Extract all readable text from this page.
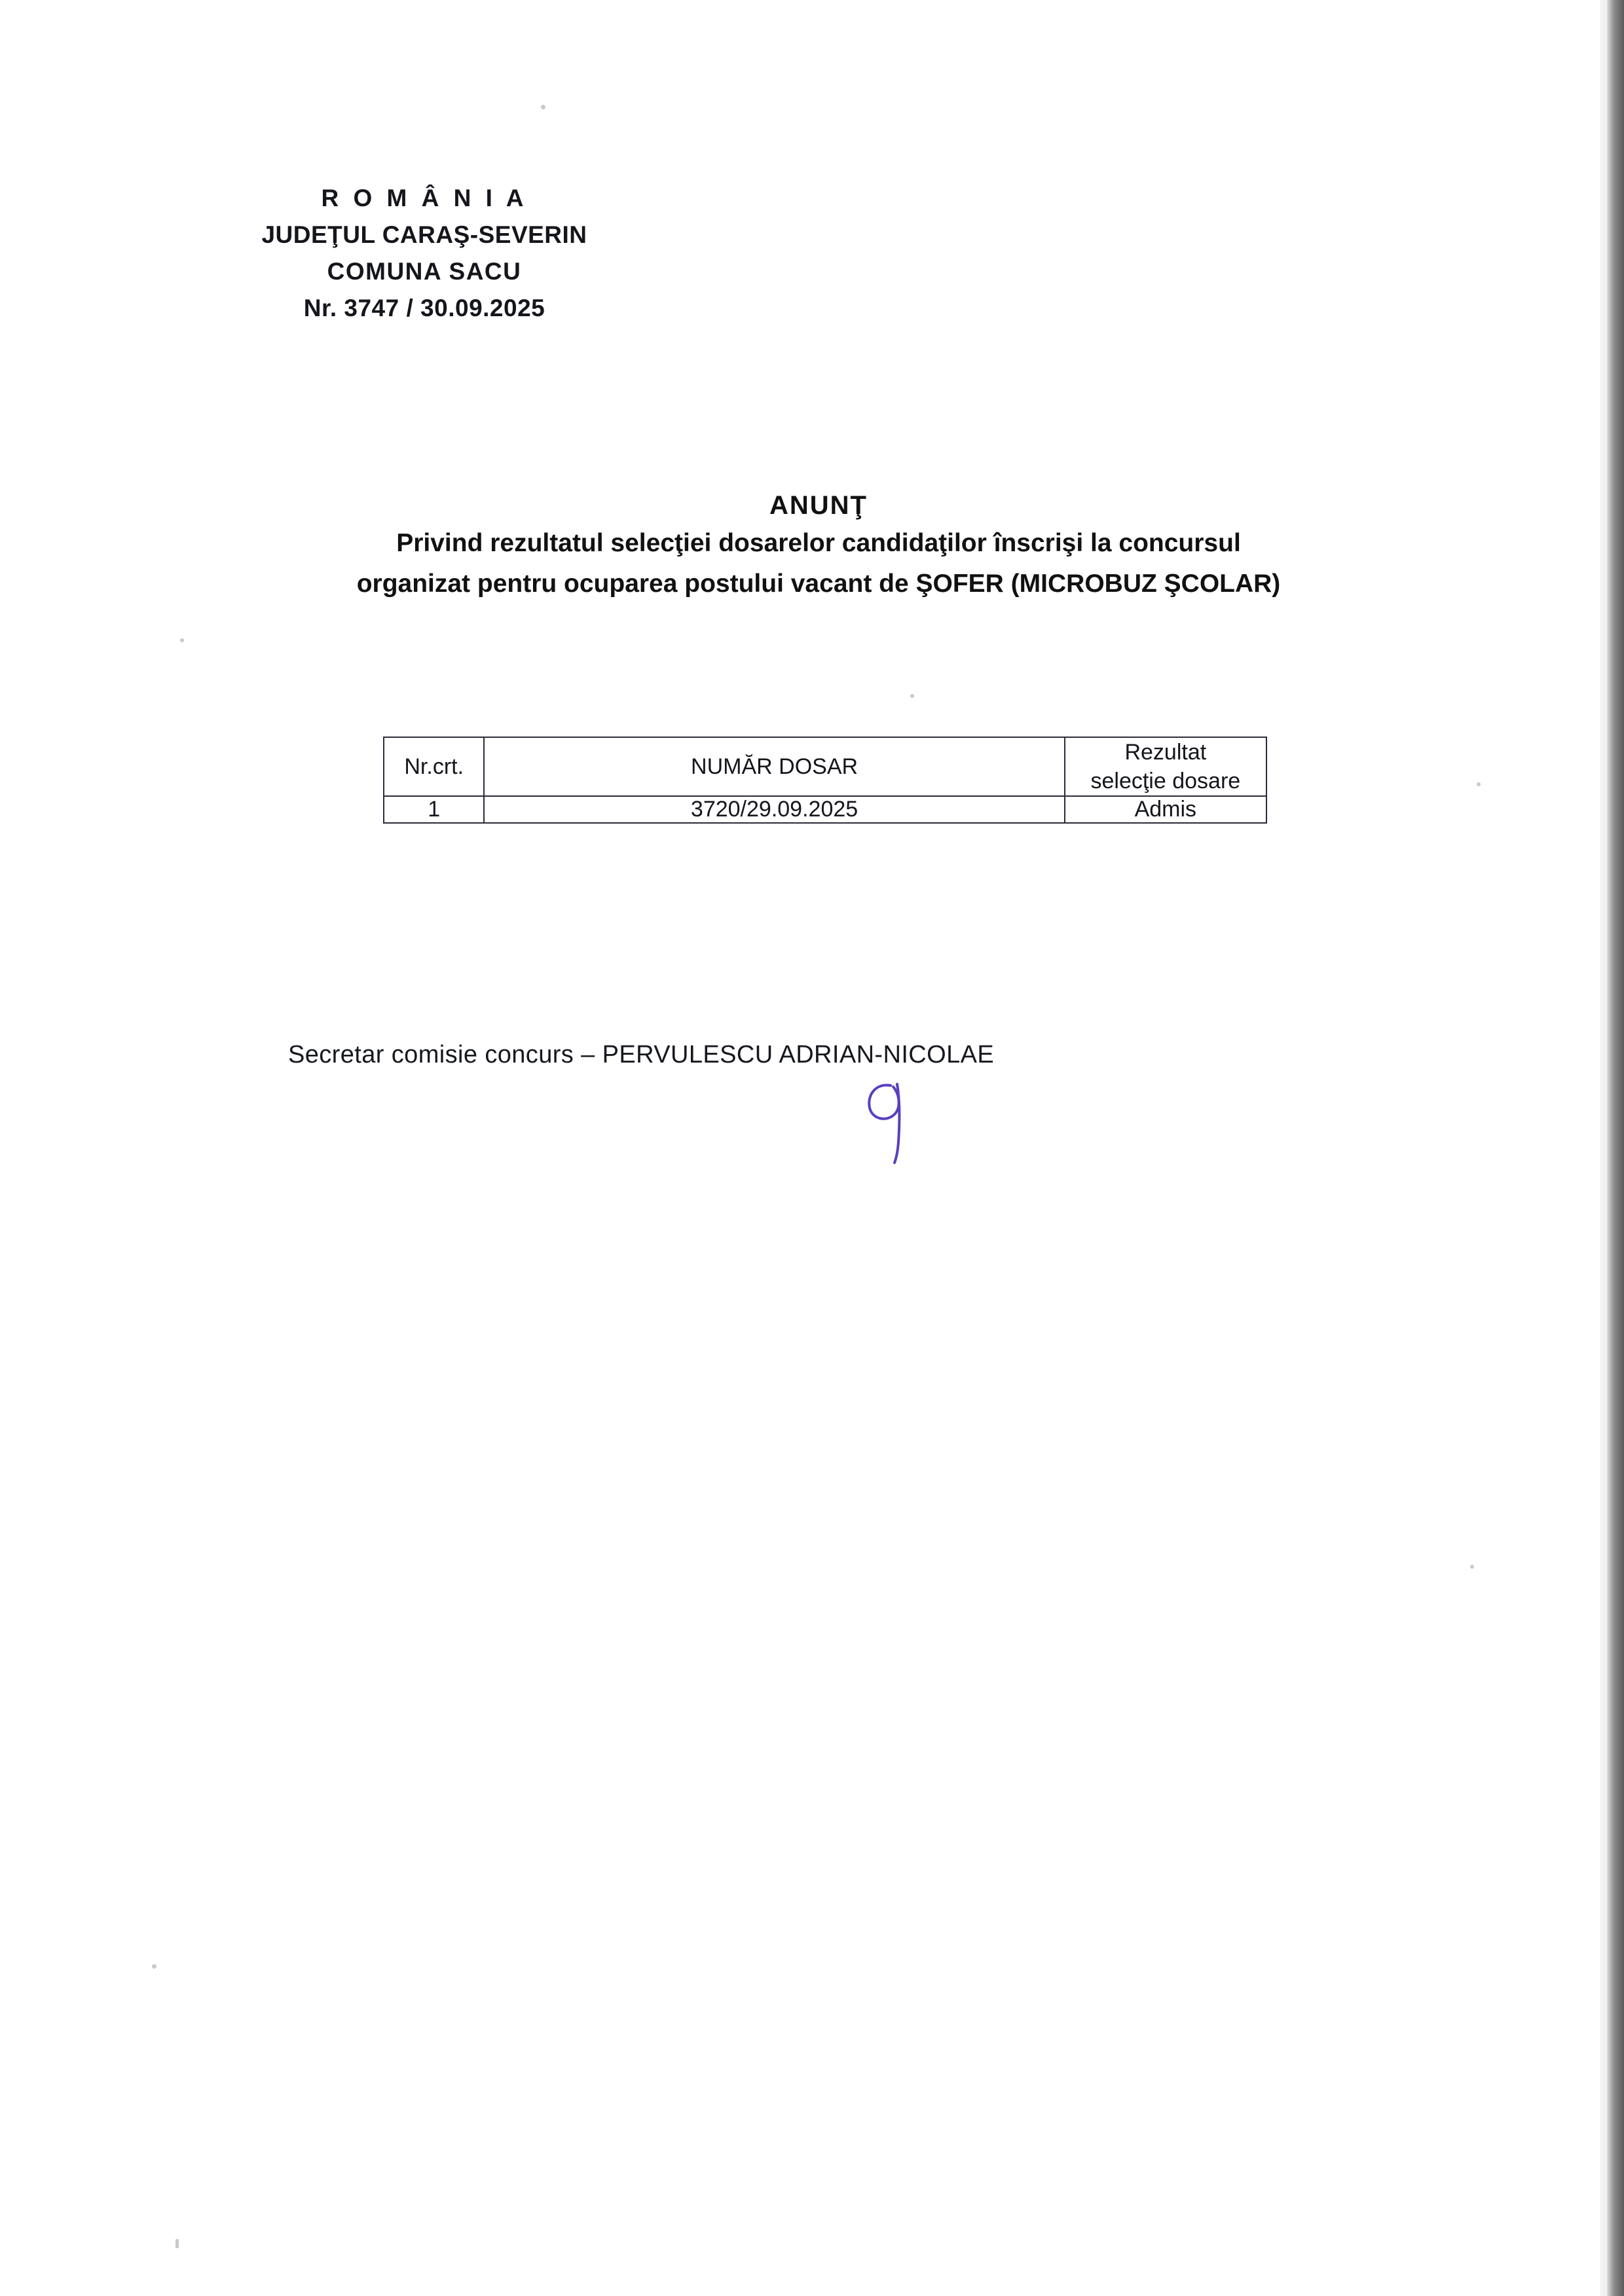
R O M Â N I A
JUDEŢUL CARAŞ-SEVERIN
COMUNA SACU
Nr. 3747 / 30.09.2025
ANUNŢ
Privind rezultatul selecţiei dosarelor candidaţilor înscrişi la concursul
organizat pentru ocuparea postului vacant de ŞOFER (MICROBUZ ŞCOLAR)
Nr.crt.	NUMĂR DOSAR	Rezultat
selecţie dosare

1	3720/29.09.2025	Admis
Secretar comisie concurs – PERVULESCU ADRIAN-NICOLAE
